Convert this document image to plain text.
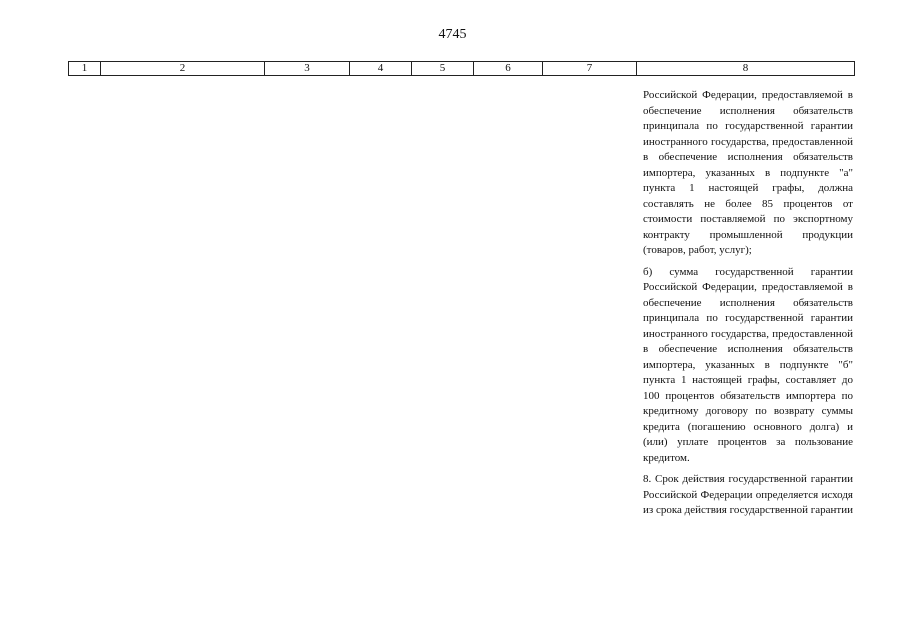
4745
1	2	3	4	5	6	7	8

Российской Федерации, предоставляемой в обеспечение исполнения обязательств принципала по государственной гарантии иностранного государства, предоставленной в обеспечение исполнения обязательств импортера, указанных в подпункте "а" пункта 1 настоящей графы, должна составлять не более 85 процентов от стоимости поставляемой по экспортному контракту промышленной продукции (товаров, работ, услуг);

б) сумма государственной гарантии Российской Федерации, предоставляемой в обеспечение исполнения обязательств принципала по государственной гарантии иностранного государства, предоставленной в обеспечение исполнения обязательств импортера, указанных в подпункте "б" пункта 1 настоящей графы, составляет до 100 процентов обязательств импортера по кредитному договору по возврату суммы кредита (погашению основного долга) и (или) уплате процентов за пользование кредитом.

8. Срок действия государственной гарантии Российской Федерации определяется исходя из срока действия государственной гарантии
